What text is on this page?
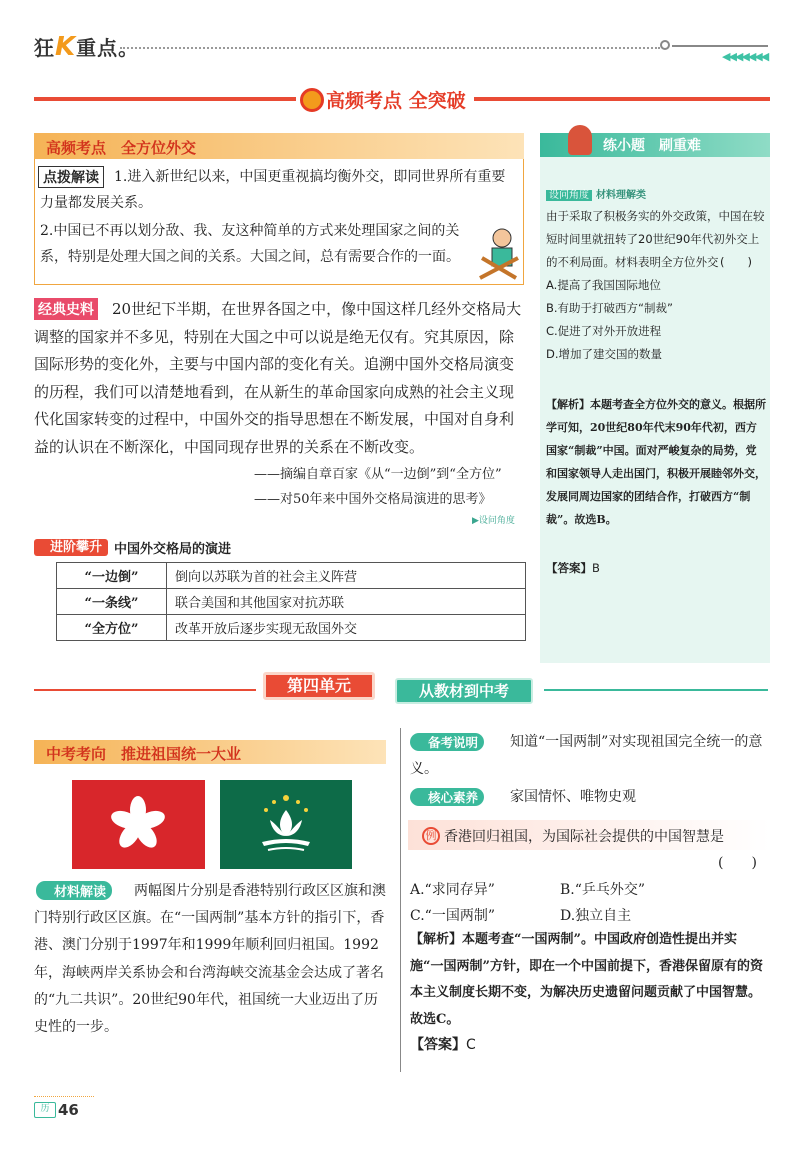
狂K重点。	◀◀◀◀◀◀◀
高频考点 全突破
高频考点　全方位外交
1.进入新世纪以来，中国更重视搞均衡外交，即同世界所有重要力量都发展关系。
点拨解读
2.中国已不再以划分敌、我、友这种简单的方式来处理国家之间的关系，特别是处理大国之间的关系。大国之间，总有需要合作的一面。
20世纪下半期，在世界各国之中，像中国这样几经外交格局大调整的国家并不多见，特别在大国之中可以说是绝无仅有。究其原因，除国际形势的变化外，主要与中国内部的变化有关。追溯中国外交格局演变的历程，我们可以清楚地看到，在从新生的革命国家向成熟的社会主义现代化国家转变的过程中，中国外交的指导思想在不断发展，中国对自身利益的认识在不断深化，中国同现存世界的关系在不断改变。
经典史料
——摘编自章百家《从“一边倒”到“全方位”
——对50年来中国外交格局演进的思考》
▶设问角度
进阶攀升 中国外交格局的演进
“一边倒”	倒向以苏联为首的社会主义阵营
“一条线”	联合美国和其他国家对抗苏联
“全方位”	改革开放后逐步实现无敌国外交
练小题　刷重难
设问角度 材料理解类
由于采取了积极务实的外交政策，中国在较短时间里就扭转了20世纪90年代初外交上的不利局面。材料表明全方位外交 (　　)
A.提高了我国国际地位
B.有助于打破西方“制裁”
C.促进了对外开放进程
D.增加了建交国的数量
【解析】本题考查全方位外交的意义。根据所学可知，20世纪80年代末90年代初，西方国家“制裁”中国。面对严峻复杂的局势，党和国家领导人走出国门，积极开展睦邻外交，发展同周边国家的团结合作，打破西方“制裁”。故选B。
【答案】B
第四单元	从教材到中考
中考考向　推进祖国统一大业
两幅图片分别是香港特别行政区区旗和澳门特别行政区区旗。在“一国两制”基本方针的指引下，香港、澳门分别于1997年和1999年顺利回归祖国。1992年，海峡两岸关系协会和台湾海峡交流基金会达成了著名的“九二共识”。20世纪90年代，祖国统一大业迈出了历史性的一步。
材料解读
知道“一国两制”对实现祖国完全统一的意义。
备考说明
核心素养	家国情怀、唯物史观
例 香港回归祖国，为国际社会提供的中国智慧是
(　　)
A.“求同存异”	B.“乒乓外交”
C.“一国两制”	D.独立自主
【解析】本题考查“一国两制”。中国政府创造性提出并实施“一国两制”方针，即在一个中国前提下，香港保留原有的资本主义制度长期不变，为解决历史遗留问题贡献了中国智慧。故选C。
【答案】C
历 46
